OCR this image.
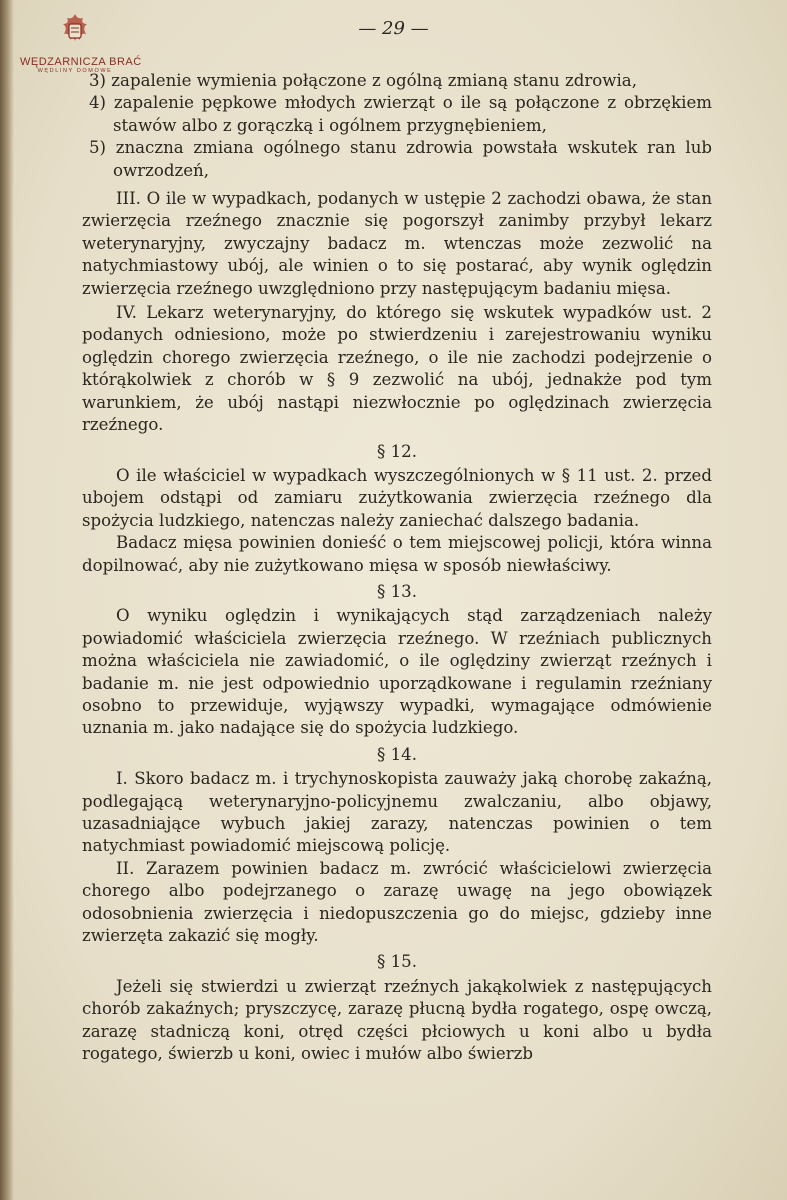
WĘDZARNICZA BRAĆ
WĘDLINY DOMOWE
— 29 —

3) zapalenie wymienia połączone z ogólną zmianą stanu zdrowia,

4) zapalenie pępkowe młodych zwierząt o ile są połączone z obrzękiem stawów albo z gorączką i ogólnem przygnębieniem,

5) znaczna zmiana ogólnego stanu zdrowia powstała wskutek ran lub owrzodzeń,

III. O ile w wypadkach, podanych w ustępie 2 zachodzi obawa, że stan zwierzęcia rzeźnego znacznie się pogorszył zanimby przybył lekarz weterynaryjny, zwyczajny badacz m. wtenczas może zezwolić na natychmiastowy ubój, ale winien o to się postarać, aby wynik oględzin zwierzęcia rzeźnego uwzględniono przy następującym badaniu mięsa.

IV. Lekarz weterynaryjny, do którego się wskutek wypadków ust. 2 podanych odniesiono, może po stwierdzeniu i zarejestrowaniu wyniku oględzin chorego zwierzęcia rzeźnego, o ile nie zachodzi podejrzenie o którąkolwiek z chorób w § 9 zezwolić na ubój, jednakże pod tym warunkiem, że ubój nastąpi niezwłocznie po oględzinach zwierzęcia rzeźnego.

§ 12.

O ile właściciel w wypadkach wyszczególnionych w § 11 ust. 2. przed ubojem odstąpi od zamiaru zużytkowania zwierzęcia rzeźnego dla spożycia ludzkiego, natenczas należy zaniechać dalszego badania.

Badacz mięsa powinien donieść o tem miejscowej policji, która winna dopilnować, aby nie zużytkowano mięsa w sposób niewłaściwy.

§ 13.

O wyniku oględzin i wynikających stąd zarządzeniach należy powiadomić właściciela zwierzęcia rzeźnego. W rzeźniach publicznych można właściciela nie zawiadomić, o ile oględziny zwierząt rzeźnych i badanie m. nie jest odpowiednio uporządkowane i regulamin rzeźniany osobno to przewiduje, wyjąwszy wypadki, wymagające odmówienie uznania m. jako nadające się do spożycia ludzkiego.

§ 14.

I. Skoro badacz m. i trychynoskopista zauważy jaką chorobę zakaźną, podlegającą weterynaryjno-policyjnemu zwalczaniu, albo objawy, uzasadniające wybuch jakiej zarazy, natenczas powinien o tem natychmiast powiadomić miejscową policję.

II. Zarazem powinien badacz m. zwrócić właścicielowi zwierzęcia chorego albo podejrzanego o zarazę uwagę na jego obowiązek odosobnienia zwierzęcia i niedopuszczenia go do miejsc, gdzieby inne zwierzęta zakazić się mogły.

§ 15.

Jeżeli się stwierdzi u zwierząt rzeźnych jakąkolwiek z następujących chorób zakaźnych; pryszczycę, zarazę płucną bydła rogatego, ospę owczą, zarazę stadniczą koni, otręd części płciowych u koni albo u bydła rogatego, świerzb u koni, owiec i mułów albo świerzb
